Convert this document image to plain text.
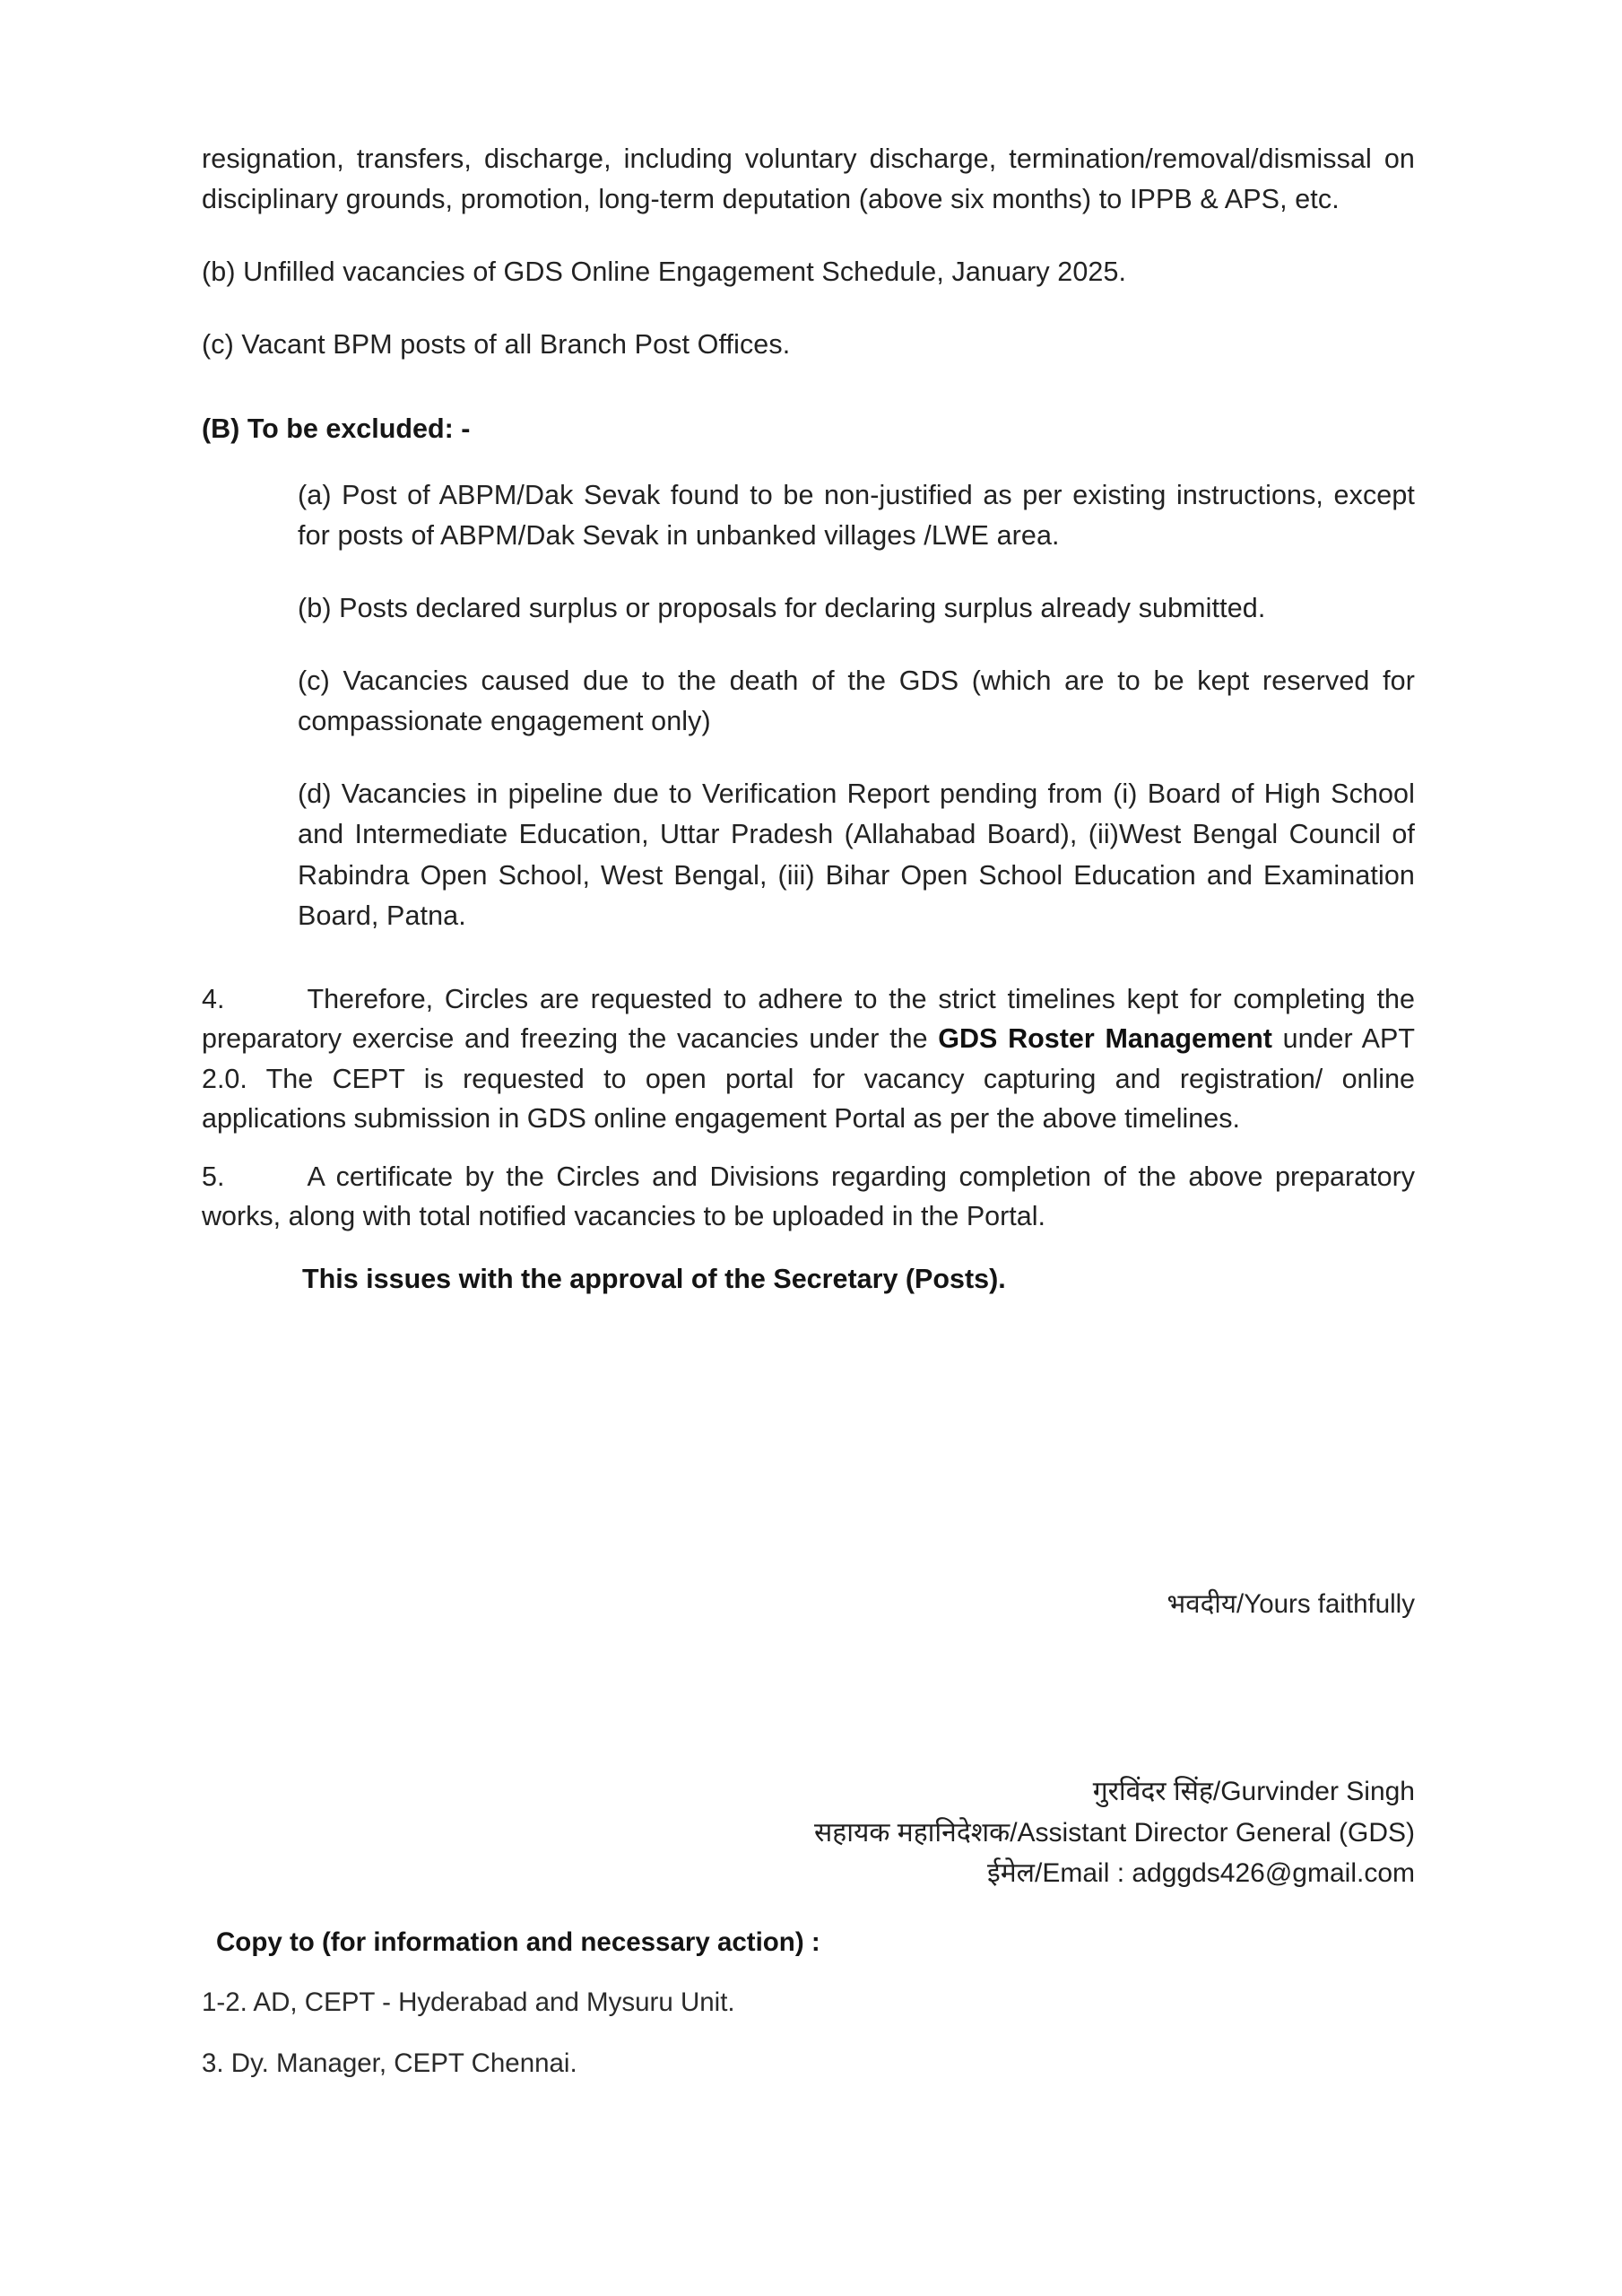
resignation, transfers, discharge, including voluntary discharge, termination/removal/dismissal on disciplinary grounds, promotion, long-term deputation (above six months) to IPPB & APS, etc.

(b) Unfilled vacancies of GDS Online Engagement Schedule, January 2025.

(c) Vacant BPM posts of all Branch Post Offices.

(B) To be excluded: -

(a) Post of ABPM/Dak Sevak found to be non-justified as per existing instructions, except for posts of ABPM/Dak Sevak in unbanked villages /LWE area.

(b) Posts declared surplus or proposals for declaring surplus already submitted.

(c) Vacancies caused due to the death of the GDS (which are to be kept reserved for compassionate engagement only)

(d) Vacancies in pipeline due to Verification Report pending from (i) Board of High School and Intermediate Education, Uttar Pradesh (Allahabad Board), (ii)West Bengal Council of Rabindra Open School, West Bengal, (iii) Bihar Open School Education and Examination Board, Patna.

4.	Therefore, Circles are requested to adhere to the strict timelines kept for completing the preparatory exercise and freezing the vacancies under the GDS Roster Management under APT 2.0. The CEPT is requested to open portal for vacancy capturing and registration/ online applications submission in GDS online engagement Portal as per the above timelines.

5.	A certificate by the Circles and Divisions regarding completion of the above preparatory works, along with total notified vacancies to be uploaded in the Portal.

This issues with the approval of the Secretary (Posts).

भवदीय/Yours faithfully
गुरविंदर सिंह/Gurvinder Singh
सहायक महानिदेशक/Assistant Director General (GDS)
ईमेल/Email : adggds426@gmail.com

Copy to (for information and necessary action) :

1-2. AD, CEPT - Hyderabad and Mysuru Unit.

3. Dy. Manager, CEPT Chennai.
